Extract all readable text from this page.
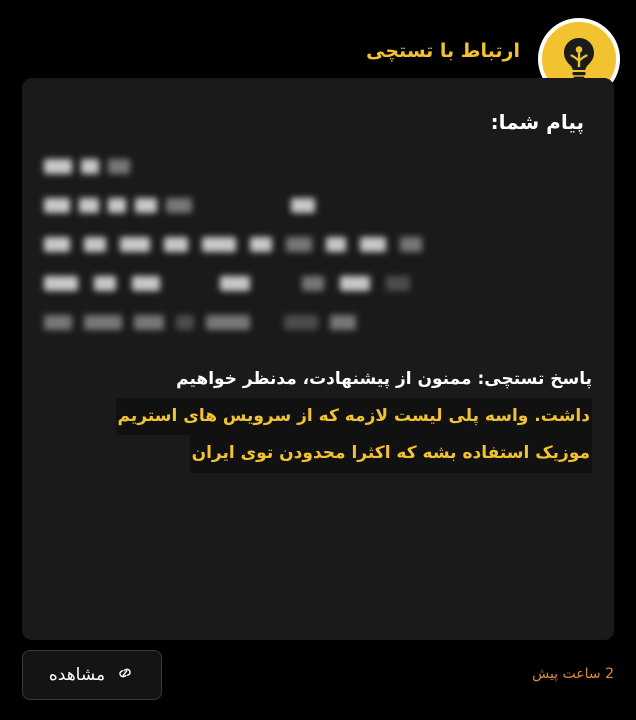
ارتباط با تستچی
پیام شما:
پاسخ تستچی: ممنون از پیشنهادت، مدنظر خواهیم
داشت. واسه پلی لیست لازمه که از سرویس های استریم موزیک استفاده بشه که اکثرا محدودن توی ایران
مشاهده	2 ساعت پیش
